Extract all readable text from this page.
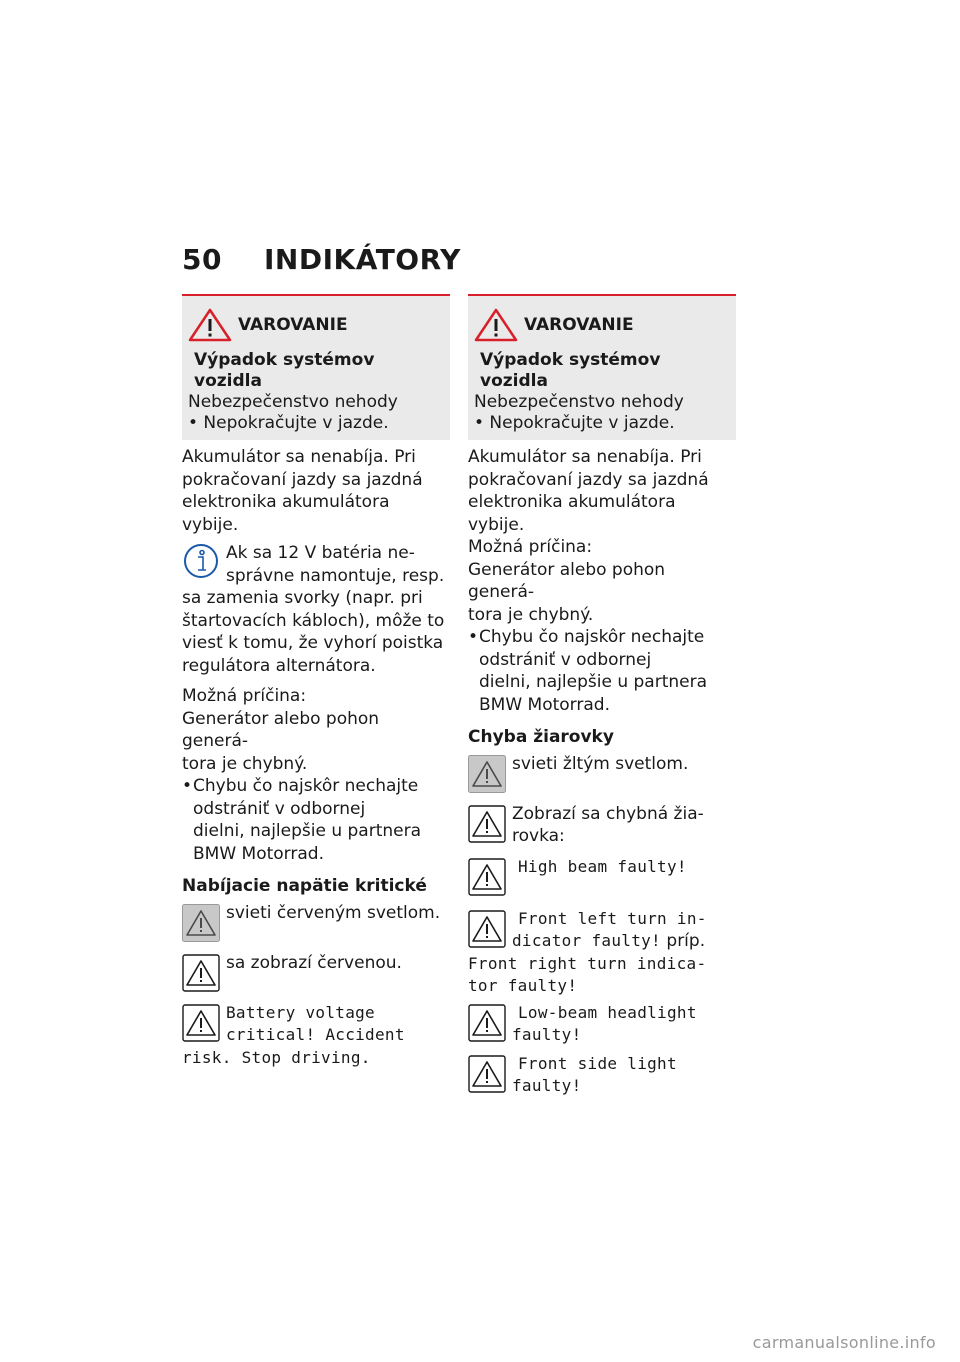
50 INDIKÁTORY
VAROVANIE
Výpadok systémov vozidla
Nebezpečenstvo nehody
• Nepokračujte v jazde.

Akumulátor sa nenabíja. Pri

pokračovaní jazdy sa jazdná

elektronika akumulátora vybije.

Ak sa 12 V batéria ne-

správne namontuje, resp.

sa zamenia svorky (napr. pri

štartovacích kábloch), môže to

viesť k tomu, že vyhorí poistka

regulátora alternátora.

Možná príčina:

Generátor alebo pohon generá-

tora je chybný.

• Chybu čo najskôr nechajte

odstrániť v odbornej

dielni, najlepšie u partnera

BMW Motorrad.

Nabíjacie napätie kritické

svieti červeným svetlom.

sa zobrazí červenou.

Battery voltage
critical! Accident
risk. Stop driving.
VAROVANIE
Výpadok systémov vozidla
Nebezpečenstvo nehody
• Nepokračujte v jazde.

Akumulátor sa nenabíja. Pri

pokračovaní jazdy sa jazdná

elektronika akumulátora vybije.

Možná príčina:

Generátor alebo pohon generá-

tora je chybný.

• Chybu čo najskôr nechajte

odstrániť v odbornej

dielni, najlepšie u partnera

BMW Motorrad.

Chyba žiarovky

svieti žltým svetlom.

Zobrazí sa chybná žia-

rovka:

High beam faulty!
Front left turn in-
dicator faulty! príp.
Front right turn indica-
tor faulty!
Low-beam headlight
faulty!
Front side light
faulty!
carmanualsonline.info
